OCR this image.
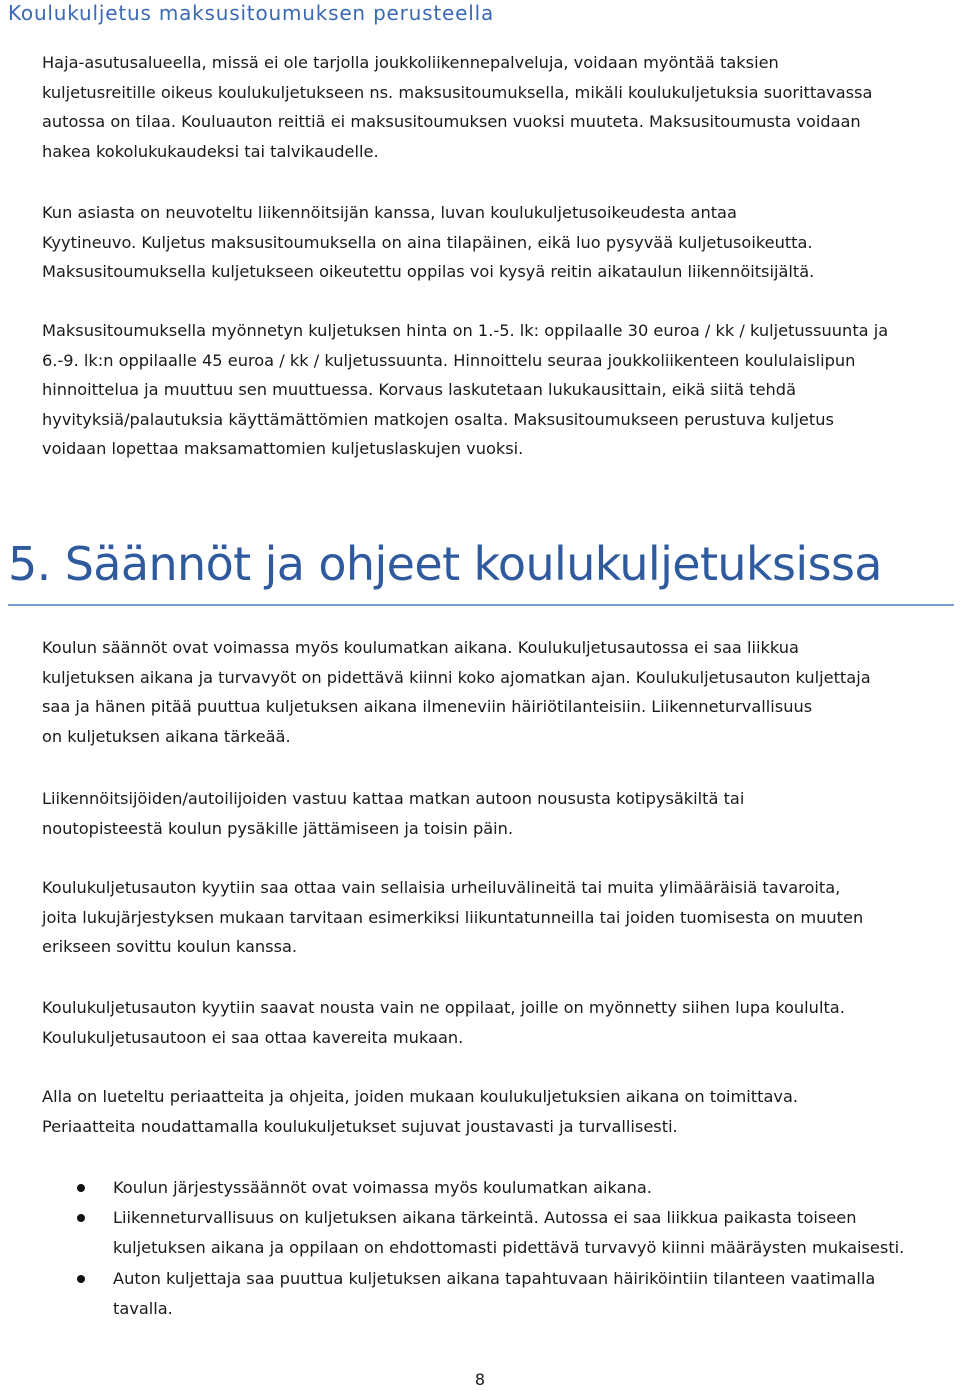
Koulukuljetus maksusitoumuksen perusteella

Haja-asutusalueella, missä ei ole tarjolla joukkoliikennepalveluja, voidaan myöntää taksien
kuljetusreitille oikeus koulukuljetukseen ns. maksusitoumuksella, mikäli koulukuljetuksia suorittavassa
autossa on tilaa. Kouluauton reittiä ei maksusitoumuksen vuoksi muuteta. Maksusitoumusta voidaan
hakea kokolukukaudeksi tai talvikaudelle.

Kun asiasta on neuvoteltu liikennöitsijän kanssa, luvan koulukuljetusoikeudesta antaa
Kyytineuvo. Kuljetus maksusitoumuksella on aina tilapäinen, eikä luo pysyvää kuljetusoikeutta.
Maksusitoumuksella kuljetukseen oikeutettu oppilas voi kysyä reitin aikataulun liikennöitsijältä.

Maksusitoumuksella myönnetyn kuljetuksen hinta on 1.-5. lk: oppilaalle 30 euroa / kk / kuljetussuunta ja
6.-9. lk:n oppilaalle 45 euroa / kk / kuljetussuunta. Hinnoittelu seuraa joukkoliikenteen koululaislipun
hinnoittelua ja muuttuu sen muuttuessa. Korvaus laskutetaan lukukausittain, eikä siitä tehdä
hyvityksiä/palautuksia käyttämättömien matkojen osalta. Maksusitoumukseen perustuva kuljetus
voidaan lopettaa maksamattomien kuljetuslaskujen vuoksi.

5. Säännöt ja ohjeet koulukuljetuksissa

Koulun säännöt ovat voimassa myös koulumatkan aikana. Koulukuljetusautossa ei saa liikkua
kuljetuksen aikana ja turvavyöt on pidettävä kiinni koko ajomatkan ajan. Koulukuljetusauton kuljettaja
saa ja hänen pitää puuttua kuljetuksen aikana ilmeneviin häiriötilanteisiin. Liikenneturvallisuus
on kuljetuksen aikana tärkeää.

Liikennöitsijöiden/autoilijoiden vastuu kattaa matkan autoon noususta kotipysäkiltä tai
noutopisteestä koulun pysäkille jättämiseen ja toisin päin.

Koulukuljetusauton kyytiin saa ottaa vain sellaisia urheiluvälineitä tai muita ylimääräisiä tavaroita,
joita lukujärjestyksen mukaan tarvitaan esimerkiksi liikuntatunneilla tai joiden tuomisesta on muuten
erikseen sovittu koulun kanssa.

Koulukuljetusauton kyytiin saavat nousta vain ne oppilaat, joille on myönnetty siihen lupa koululta.
Koulukuljetusautoon ei saa ottaa kavereita mukaan.

Alla on lueteltu periaatteita ja ohjeita, joiden mukaan koulukuljetuksien aikana on toimittava.
Periaatteita noudattamalla koulukuljetukset sujuvat joustavasti ja turvallisesti.

Koulun järjestyssäännöt ovat voimassa myös koulumatkan aikana.
Liikenneturvallisuus on kuljetuksen aikana tärkeintä. Autossa ei saa liikkua paikasta toiseen
kuljetuksen aikana ja oppilaan on ehdottomasti pidettävä turvavyö kiinni määräysten mukaisesti.
Auton kuljettaja saa puuttua kuljetuksen aikana tapahtuvaan häiriköintiin tilanteen vaatimalla
tavalla.
8
